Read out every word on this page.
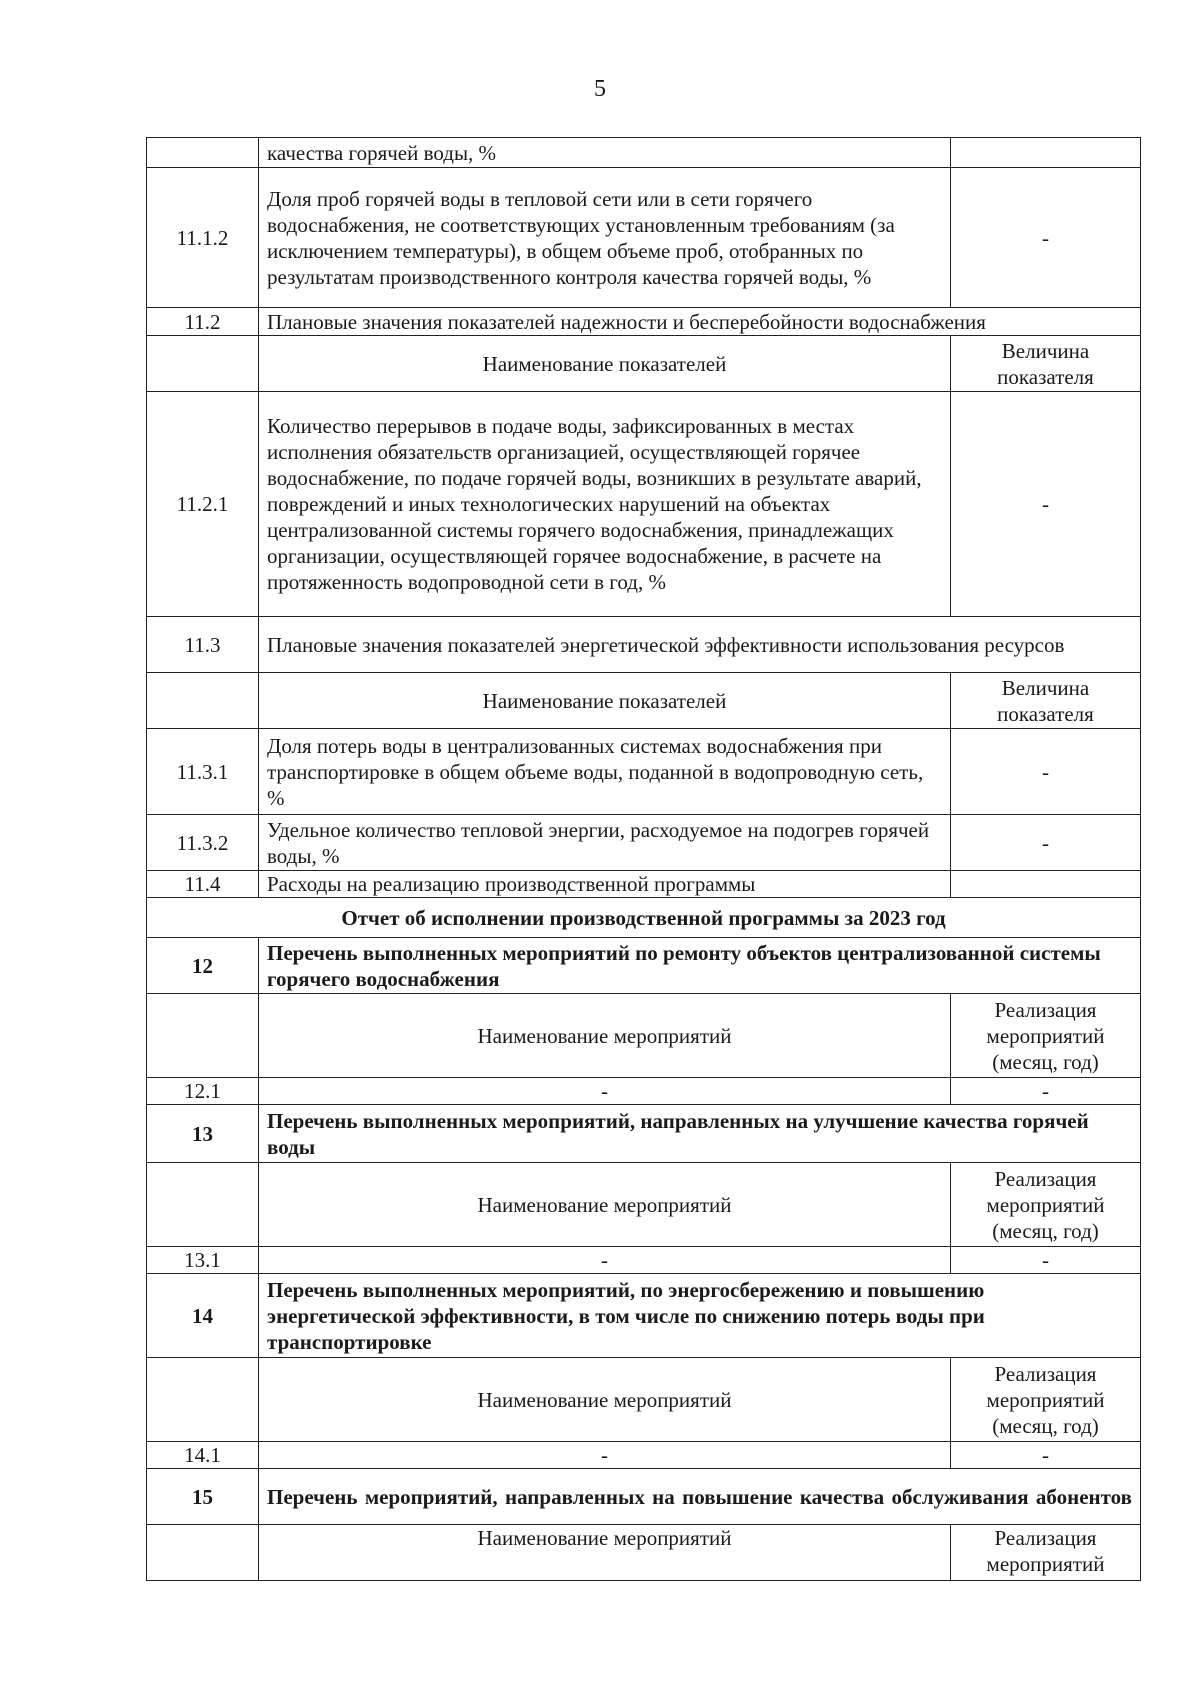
5
	качества горячей воды, %	
11.1.2	Доля проб горячей воды в тепловой сети или в сети горячего водоснабжения, не соответствующих установленным требованиям (за исключением температуры), в общем объеме проб, отобранных по результатам производственного контроля качества горячей воды, %	-
11.2	Плановые значения показателей надежности и бесперебойности водоснабжения	
	Наименование показателей	Величина показателя
11.2.1	Количество перерывов в подаче воды, зафиксированных в местах исполнения обязательств организацией, осуществляющей горячее водоснабжение, по подаче горячей воды, возникших в результате аварий, повреждений и иных технологических нарушений на объектах централизованной системы горячего водоснабжения, принадлежащих организации, осуществляющей горячее водоснабжение, в расчете на протяженность водопроводной сети в год, %	-
11.3	Плановые значения показателей энергетической эффективности использования ресурсов	
	Наименование показателей	Величина показателя
11.3.1	Доля потерь воды в централизованных системах водоснабжения при транспортировке в общем объеме воды, поданной в водопроводную сеть, %	-
11.3.2	Удельное количество тепловой энергии, расходуемое на подогрев горячей воды, %	-
11.4	Расходы на реализацию производственной программы	
Отчет об исполнении производственной программы за 2023 год		
12	Перечень выполненных мероприятий по ремонту объектов централизованной системы горячего водоснабжения	
	Наименование мероприятий	Реализация мероприятий (месяц, год)
12.1	-	-
13	Перечень выполненных мероприятий, направленных на улучшение качества горячей воды	
	Наименование мероприятий	Реализация мероприятий (месяц, год)
13.1	-	-
14	Перечень выполненных мероприятий, по энергосбережению и повышению энергетической эффективности, в том числе по снижению потерь воды при транспортировке	
	Наименование мероприятий	Реализация мероприятий (месяц, год)
14.1	-	-
15	Перечень мероприятий, направленных на повышение качества обслуживания абонентов	
	Наименование мероприятий	Реализация мероприятий
